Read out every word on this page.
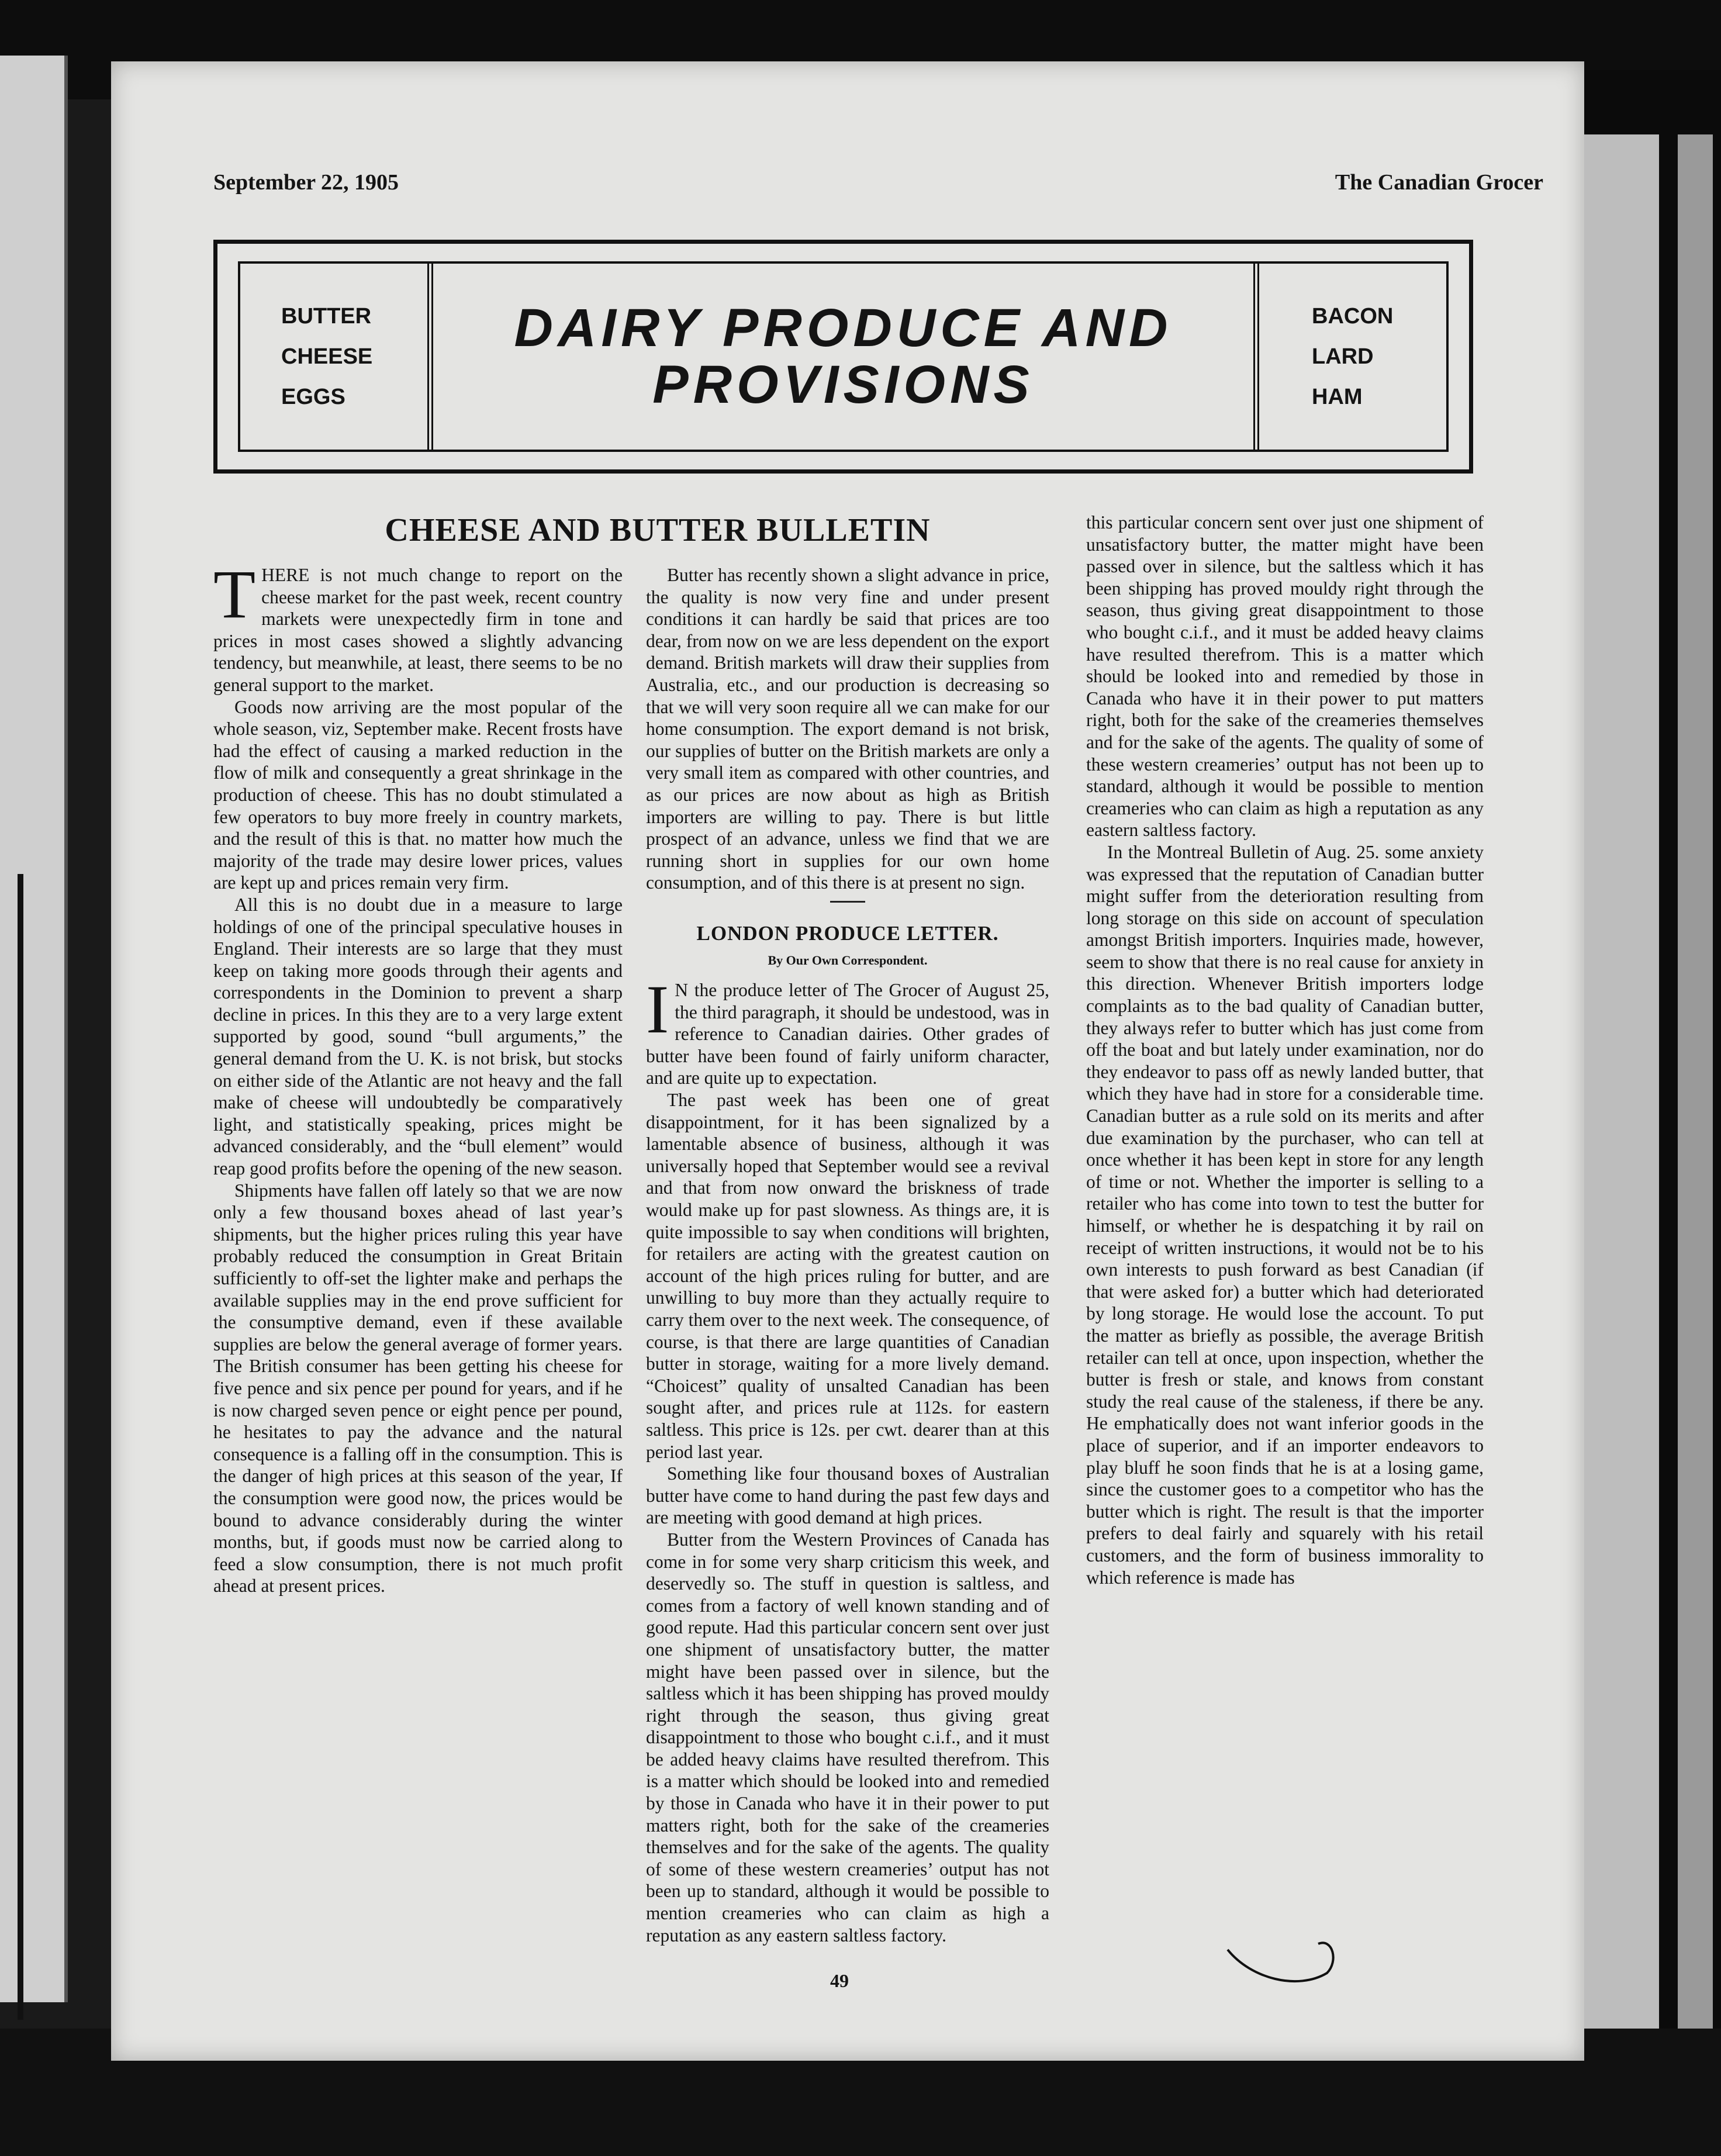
September 22, 1905	The Canadian Grocer
BUTTER
CHEESE
EGGS
DAIRY PRODUCE AND
PROVISIONS
BACON
LARD
HAM
CHEESE AND BUTTER BULLETIN

THERE is not much change to report on the cheese market for the past week, recent country markets were unexpectedly firm in tone and prices in most cases showed a slightly advancing tendency, but meanwhile, at least, there seems to be no general support to the market.

Goods now arriving are the most popular of the whole season, viz, September make. Recent frosts have had the effect of causing a marked reduction in the flow of milk and consequently a great shrinkage in the production of cheese. This has no doubt stimulated a few operators to buy more freely in country markets, and the result of this is that. no matter how much the majority of the trade may desire lower prices, values are kept up and prices remain very firm.

All this is no doubt due in a measure to large holdings of one of the principal speculative houses in England. Their interests are so large that they must keep on taking more goods through their agents and correspondents in the Dominion to prevent a sharp decline in prices. In this they are to a very large extent supported by good, sound “bull arguments,” the general demand from the U. K. is not brisk, but stocks on either side of the Atlantic are not heavy and the fall make of cheese will undoubtedly be comparatively light, and statistically speaking, prices might be advanced considerably, and the “bull element” would reap good profits before the opening of the new season.

Shipments have fallen off lately so that we are now only a few thousand boxes ahead of last year’s shipments, but the higher prices ruling this year have probably reduced the consumption in Great Britain sufficiently to off-set the lighter make and perhaps the available supplies may in the end prove sufficient for the consumptive demand, even if these available supplies are below the general average of former years. The British consumer has been getting his cheese for five pence and six pence per pound for years, and if he is now charged seven pence or eight pence per pound, he hesitates to pay the advance and the natural consequence is a falling off in the consumption. This is the danger of high prices at this season of the year, If the consumption were good now, the prices would be bound to advance considerably during the winter months, but, if goods must now be carried along to feed a slow consumption, there is not much profit ahead at present prices.

Butter has recently shown a slight advance in price, the quality is now very fine and under present conditions it can hardly be said that prices are too dear, from now on we are less dependent on the export demand. British markets will draw their supplies from Australia, etc., and our production is decreasing so that we will very soon require all we can make for our home consumption. The export demand is not brisk, our supplies of butter on the British markets are only a very small item as compared with other countries, and as our prices are now about as high as British importers are willing to pay. There is but little prospect of an advance, unless we find that we are running short in supplies for our own home consumption, and of this there is at present no sign.

LONDON PRODUCE LETTER.
By Our Own Correspondent.

I N the produce letter of The Grocer of August 25, the third paragraph, it should be undestood, was in reference to Canadian dairies. Other grades of butter have been found of fairly uniform character, and are quite up to expectation.

The past week has been one of great disappointment, for it has been signalized by a lamentable absence of business, although it was universally hoped that September would see a revival and that from now onward the briskness of trade would make up for past slowness. As things are, it is quite impossible to say when conditions will brighten, for retailers are acting with the greatest caution on account of the high prices ruling for butter, and are unwilling to buy more than they actually require to carry them over to the next week. The consequence, of course, is that there are large quantities of Canadian butter in storage, waiting for a more lively demand. “Choicest” quality of unsalted Canadian has been sought after, and prices rule at 112s. for eastern saltless. This price is 12s. per cwt. dearer than at this period last year.

Something like four thousand boxes of Australian butter have come to hand during the past few days and are meeting with good demand at high prices.

Butter from the Western Provinces of Canada has come in for some very sharp criticism this week, and deservedly so. The stuff in question is saltless, and comes from a factory of well known standing and of good repute. Had this particular concern sent over just one shipment of unsatisfactory butter, the matter might have been passed over in silence, but the saltless which it has been shipping has proved mouldy right through the season, thus giving great disappointment to those who bought c.i.f., and it must be added heavy claims have resulted therefrom. This is a matter which should be looked into and remedied by those in Canada who have it in their power to put matters right, both for the sake of the creameries themselves and for the sake of the agents. The quality of some of these western creameries’ output has not been up to standard, although it would be possible to mention creameries who can claim as high a reputation as any eastern saltless factory.

this particular concern sent over just one shipment of unsatisfactory butter, the matter might have been passed over in silence, but the saltless which it has been shipping has proved mouldy right through the season, thus giving great disappointment to those who bought c.i.f., and it must be added heavy claims have resulted therefrom. This is a matter which should be looked into and remedied by those in Canada who have it in their power to put matters right, both for the sake of the creameries themselves and for the sake of the agents. The quality of some of these western creameries’ output has not been up to standard, although it would be possible to mention creameries who can claim as high a reputation as any eastern saltless factory.

In the Montreal Bulletin of Aug. 25. some anxiety was expressed that the reputation of Canadian butter might suffer from the deterioration resulting from long storage on this side on account of speculation amongst British importers. Inquiries made, however, seem to show that there is no real cause for anxiety in this direction. Whenever British importers lodge complaints as to the bad quality of Canadian butter, they always refer to butter which has just come from off the boat and but lately under examination, nor do they endeavor to pass off as newly landed butter, that which they have had in store for a considerable time. Canadian butter as a rule sold on its merits and after due examination by the purchaser, who can tell at once whether it has been kept in store for any length of time or not. Whether the importer is selling to a retailer who has come into town to test the butter for himself, or whether he is despatching it by rail on receipt of written instructions, it would not be to his own interests to push forward as best Canadian (if that were asked for) a butter which had deteriorated by long storage. He would lose the account. To put the matter as briefly as possible, the average British retailer can tell at once, upon inspection, whether the butter is fresh or stale, and knows from constant study the real cause of the staleness, if there be any. He emphatically does not want inferior goods in the place of superior, and if an importer endeavors to play bluff he soon finds that he is at a losing game, since the customer goes to a competitor who has the butter which is right. The result is that the importer prefers to deal fairly and squarely with his retail customers, and the form of business immorality to which reference is made has

49
